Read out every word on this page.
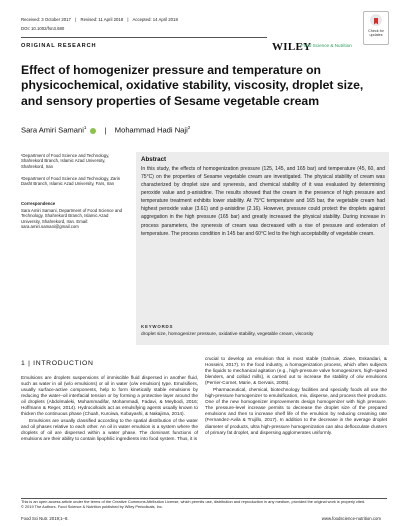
Received: 3 October 2017 | Revised: 11 April 2018 | Accepted: 14 April 2018
DOI: 10.1002/fsn3.680
ORIGINAL RESEARCH	WILEY
Food Science & Nutrition
Check for updates
Effect of homogenizer pressure and temperature on physicochemical, oxidative stability, viscosity, droplet size, and sensory properties of Sesame vegetable cream
Sara Amiri Samani$^1$ | Mohammad Hadi Naji$^2$
¹Department of Food Science and Technology, Shahrekord Branch, Islamic Azad University, Shahrekord, Iran
²Department of Food Science and Technology, Zarin Dasht Branch, Islamic Azad University, Fars, Iran
Correspondence
Sara Amiri Samani, Department of Food Science and Technology, Shahrekord Branch, Islamic Azad University, Shahrekord, Iran. Email: sara.amiri.samani@gmail.com
Abstract
In this study, the effects of homogenization pressure (125, 145, and 165 bar) and temperature (45, 60, and 75°C) on the properties of Sesame vegetable cream are investigated. The physical stability of cream was characterized by droplet size and syneresis, and chemical stability of it was evaluated by determining peroxide value and p-anisidine. The results showed that the cream in the presence of high pressure and temperature treatment exhibits lower stability. At 75°C temperature and 165 bar, the vegetable cream had highest peroxide value (3.61) and p-anisidine (2.16). However, pressure could protect the droplets against aggregation in the high pressure (165 bar) and greatly increased the physical stability. During increase in process parameters, the syneresis of cream was decreased with a rise of pressure and extension of temperature. The process condition in 145 bar and 60°C led to the high acceptability of vegetable cream.
KEYWORDS
droplet size, homogenizer pressure, oxidative stability, vegetable cream, viscosity
1 | INTRODUCTION
Emulsions are droplets suspensions of immiscible fluid dispersed in another fluid, such as water in oil (w/o emulsions) or oil in water (o/w emulsion) type. Emulsifiers, usually surface-active components, help to form kinetically stable emulsions by reducing the water–oil interfacial tension or by forming a protective layer around the oil droplets (Abdolmaleki, Mohammadifar, Mohammadi, Fadavi, & Meybodi, 2016; Hoffmann & Reger, 2014). Hydrocolloids act as emulsifying agents usually known to thicken the continuous phase (Chuah, Kuroiwa, Kobayashi, & Nakajima, 2014).
Emulsions are usually classified according to the spatial distribution of the water and oil phases relative to each other. An oil in water emulsion is a system where the droplets of oil are dispersed within a water phase. The dominant functions of emulsions are their ability to contain lipophilic ingredients into food system. Thus, it is
crucial to develop an emulsion that is most stable (Gahruie, Ziaee, Eskandari, & Hosseini, 2017). In the food industry, a homogenization process, which often subjects the liquids to mechanical agitation (e.g., high-pressure valve homogenizers, high-speed blenders, and colloid mills), is carried out to increase the stability of o/w emulsions (Perrier-Cornet, Marie, & Gervais, 2005).
Pharmaceutical, chemical, biotechnology facilities and specially foods all use the high-pressure homogenizer to emulsification, mix, disperse, and process their products. One of the new homogenizer improvements design homogenizer with high pressure. The pressure-level increase permits to decrease the droplet size of the prepared emulsions and then to increase shelf life of the emulsion by reducing creaming rate (Fernandez-Avila & Trujillo, 2017). In addition to the decrease in the average droplet diameter of products, ultra high-pressure homogenization can also deflocculate clusters of primary fat droplet, and dispersing agglomerates uniformly.
This is an open access article under the terms of the Creative Commons Attribution License, which permits use, distribution and reproduction in any medium, provided the original work is properly cited.
© 2019 The Authors. Food Science & Nutrition published by Wiley Periodicals, Inc.
Food Sci Nutr. 2019;1–8.	www.foodscience-nutrition.com
